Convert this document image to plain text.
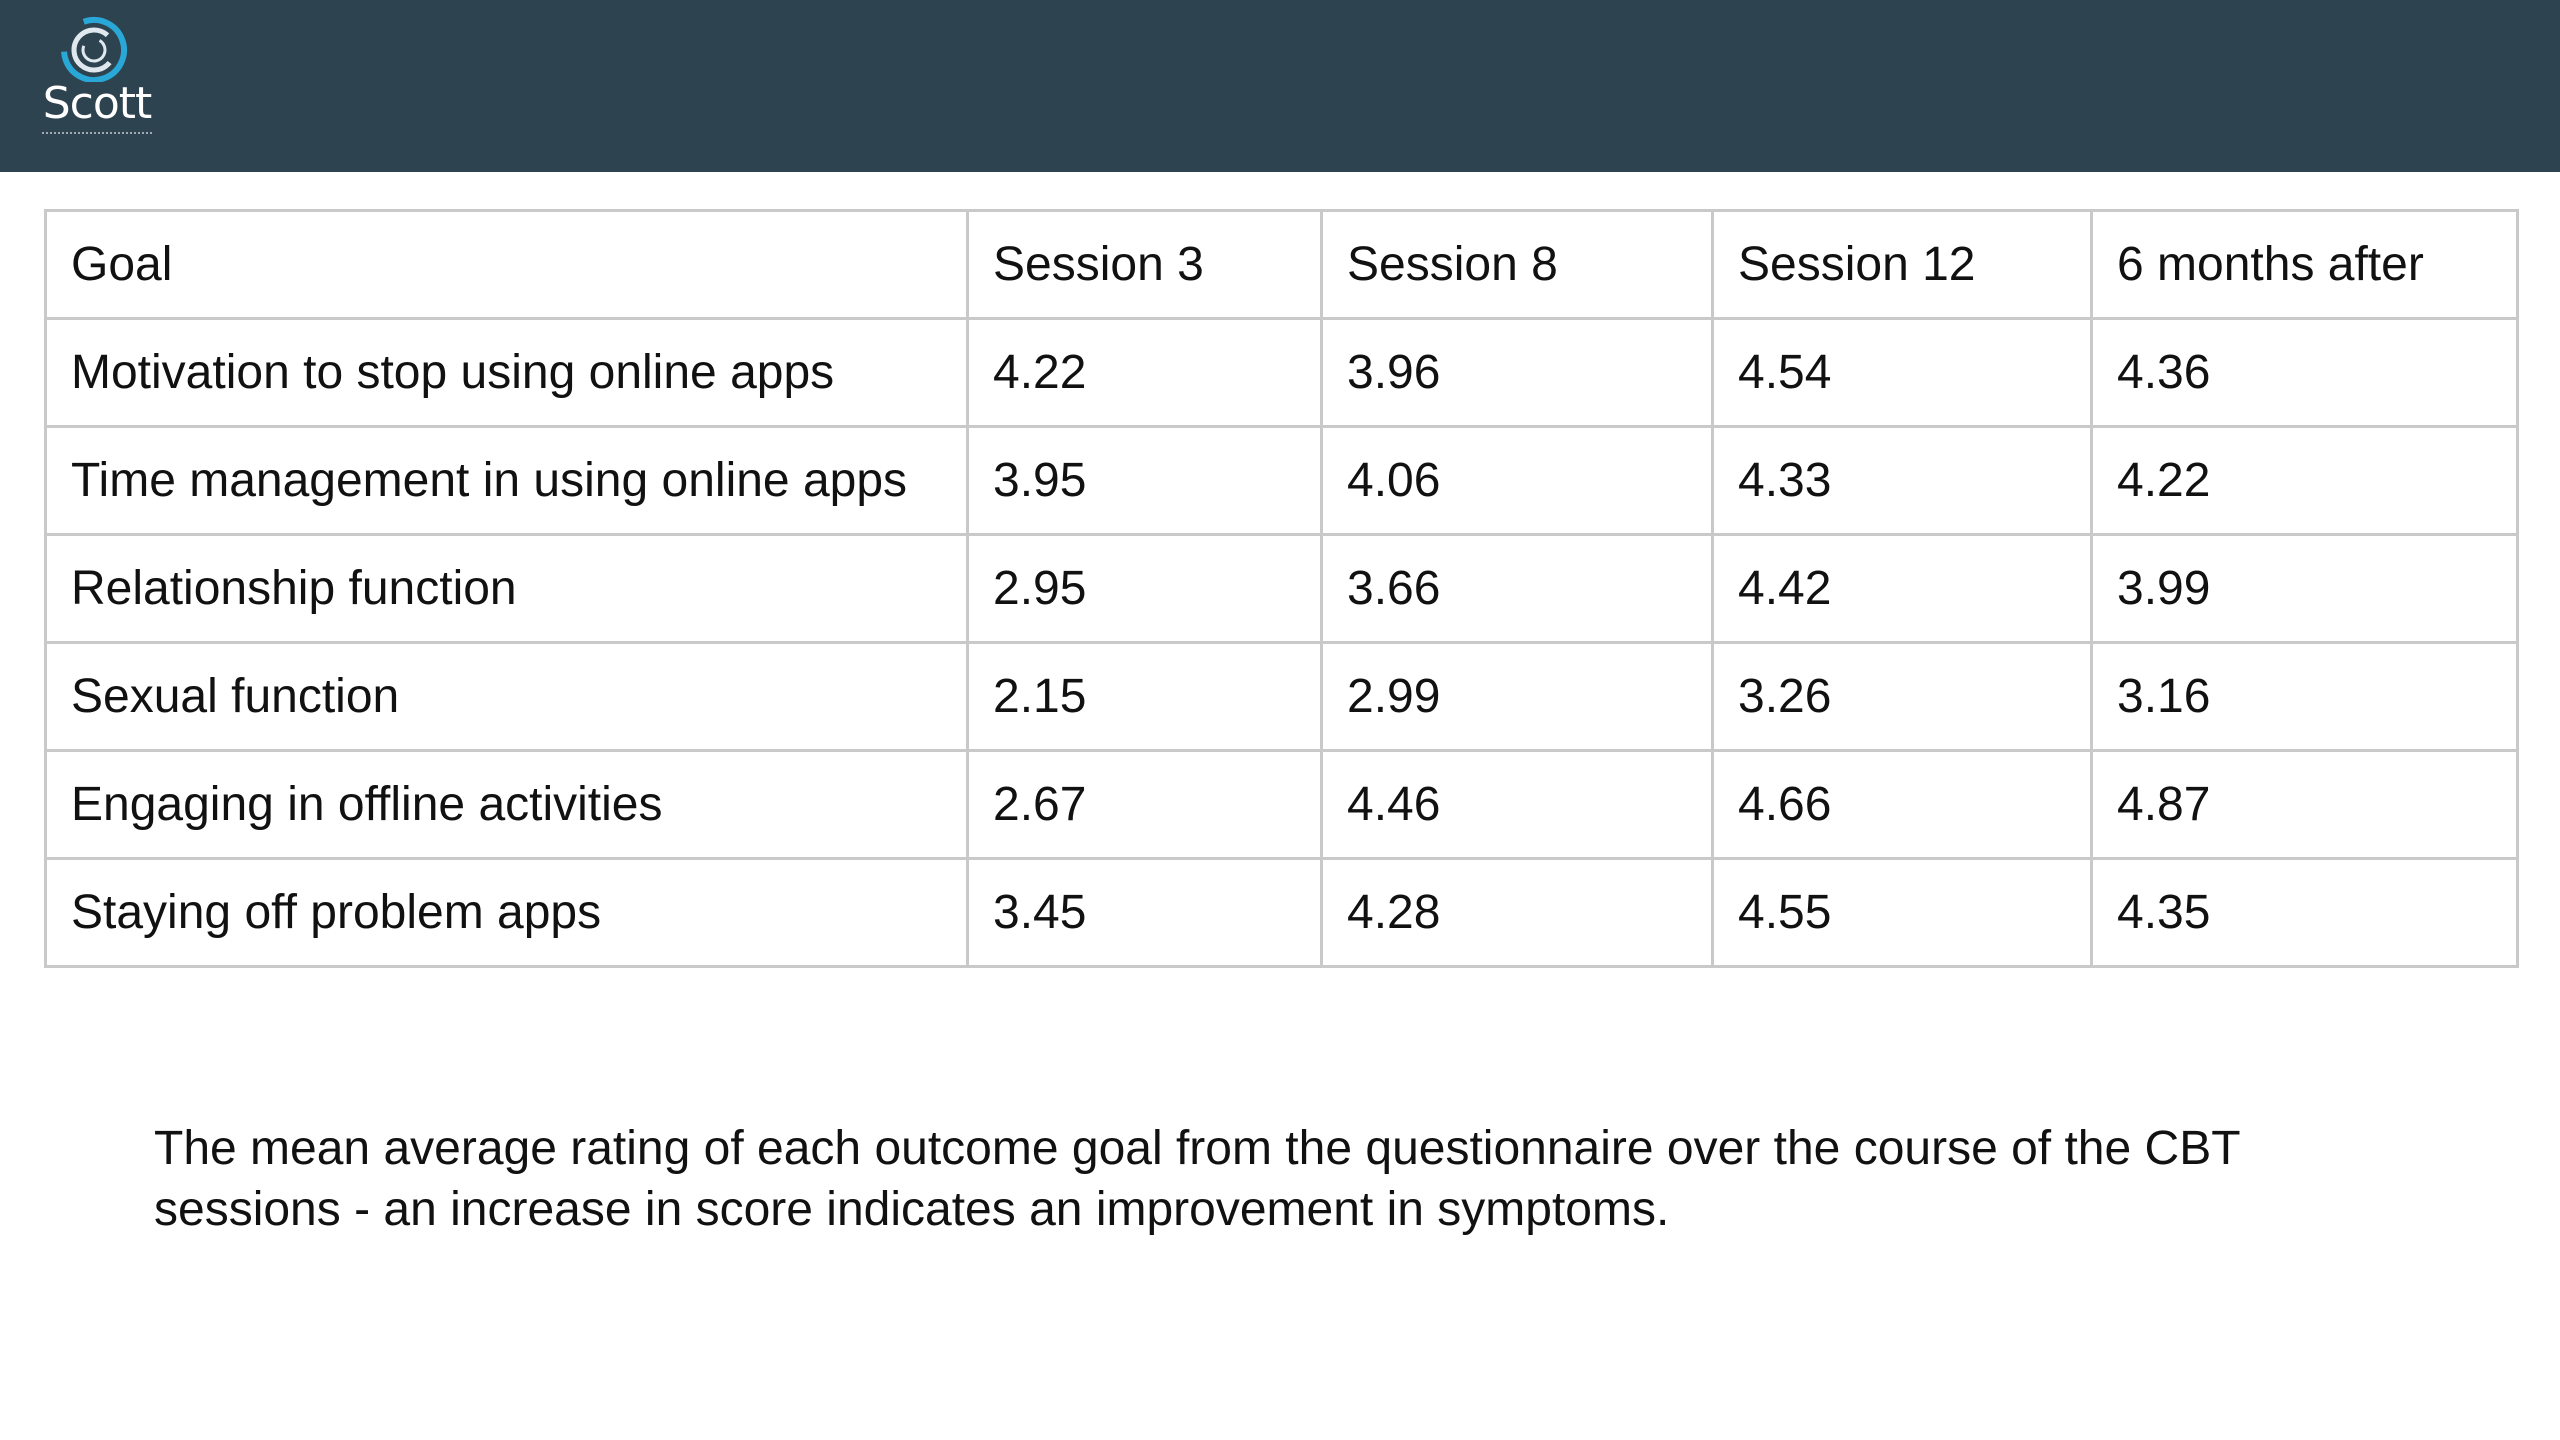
Scott
Goal	Session 3	Session 8	Session 12	6 months after
Motivation to stop using online apps	4.22	3.96	4.54	4.36
Time management in using online apps	3.95	4.06	4.33	4.22
Relationship function	2.95	3.66	4.42	3.99
Sexual function	2.15	2.99	3.26	3.16
Engaging in offline activities	2.67	4.46	4.66	4.87
Staying off problem apps	3.45	4.28	4.55	4.35
The mean average rating of each outcome goal from the questionnaire over the course of the CBT sessions - an increase in score indicates an improvement in symptoms.
